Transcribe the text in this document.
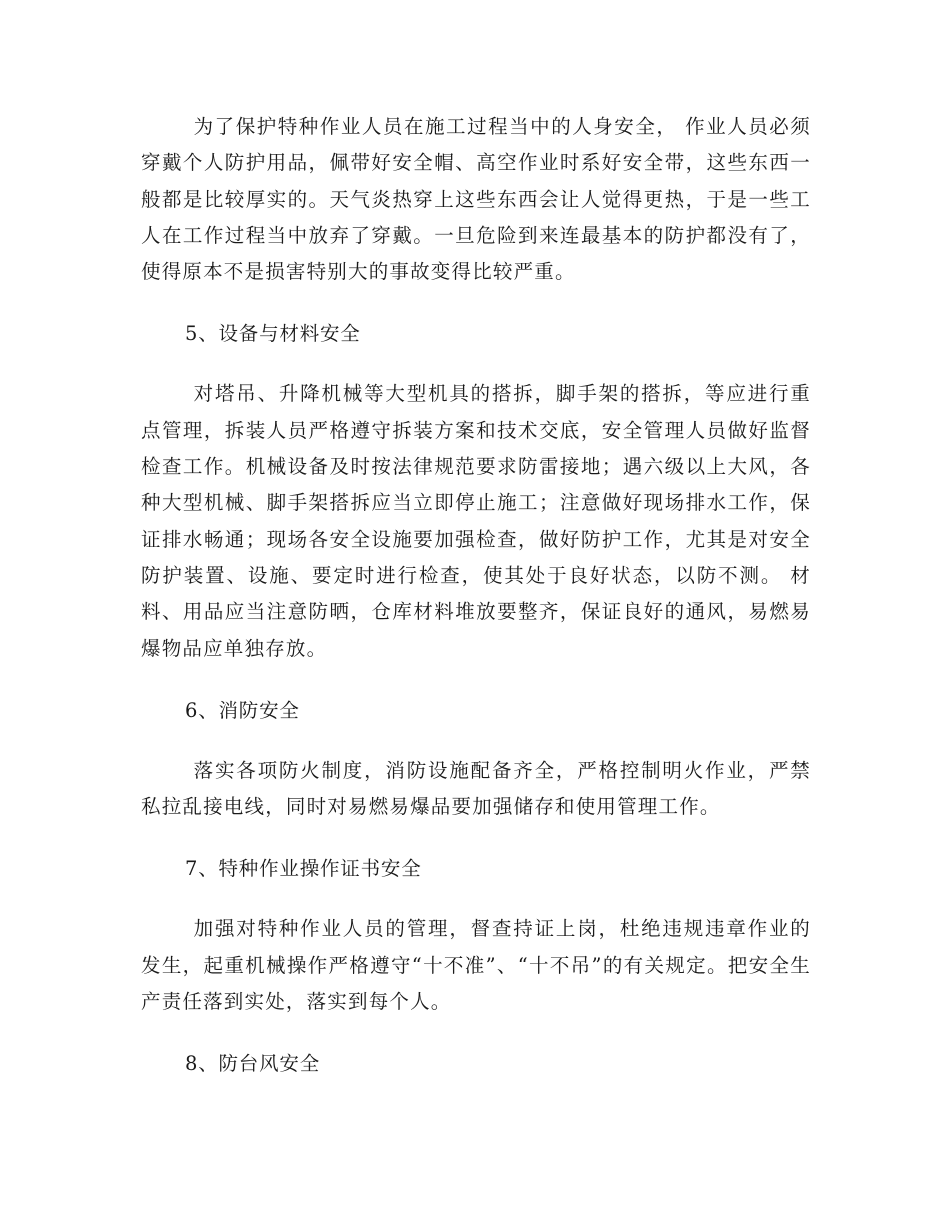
为了保护特种作业人员在施工过程当中的人身安全， 作业人员必须穿戴个人防护用品，佩带好安全帽、高空作业时系好安全带，这些东西一般都是比较厚实的。天气炎热穿上这些东西会让人觉得更热，于是一些工人在工作过程当中放弃了穿戴。一旦危险到来连最基本的防护都没有了，使得原本不是损害特别大的事故变得比较严重。

5、设备与材料安全

对塔吊、升降机械等大型机具的搭拆，脚手架的搭拆，等应进行重点管理，拆装人员严格遵守拆装方案和技术交底，安全管理人员做好监督检查工作。机械设备及时按法律规范要求防雷接地；遇六级以上大风，各种大型机械、脚手架搭拆应当立即停止施工；注意做好现场排水工作，保证排水畅通；现场各安全设施要加强检查，做好防护工作，尤其是对安全防护装置、设施、要定时进行检查，使其处于良好状态，以防不测。 材料、用品应当注意防晒，仓库材料堆放要整齐，保证良好的通风，易燃易爆物品应单独存放。

6、消防安全

落实各项防火制度，消防设施配备齐全，严格控制明火作业，严禁私拉乱接电线，同时对易燃易爆品要加强储存和使用管理工作。

7、特种作业操作证书安全

加强对特种作业人员的管理，督查持证上岗，杜绝违规违章作业的发生，起重机械操作严格遵守“十不准”、“十不吊”的有关规定。把安全生产责任落到实处，落实到每个人。

8、防台风安全
